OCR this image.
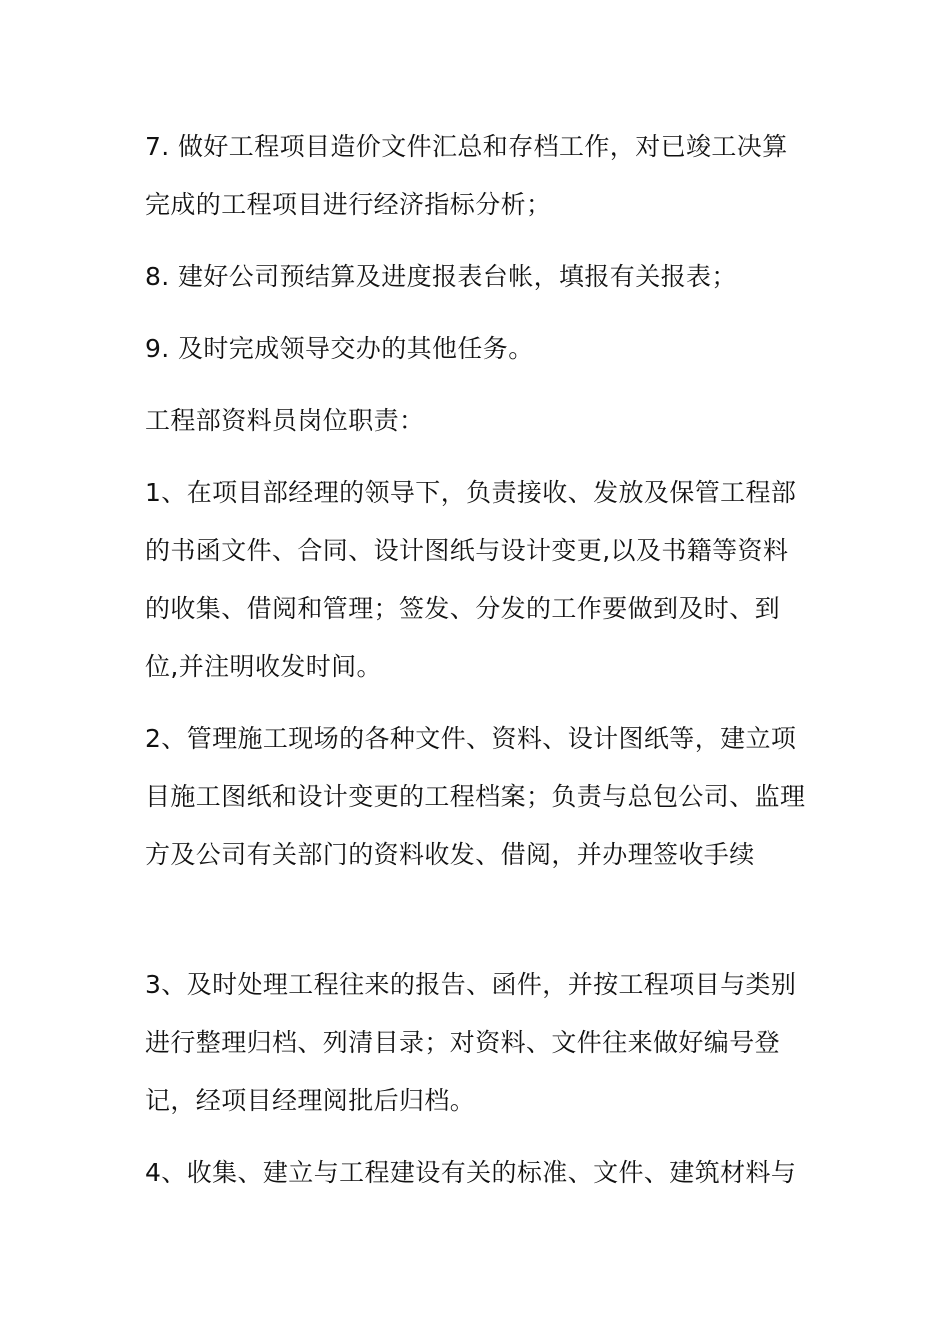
7. 做好工程项目造价文件汇总和存档工作，对已竣工决算完成的工程项目进行经济指标分析；

8. 建好公司预结算及进度报表台帐，填报有关报表；

9. 及时完成领导交办的其他任务。

工程部资料员岗位职责：

1、在项目部经理的领导下，负责接收、发放及保管工程部的书函文件、合同、设计图纸与设计变更,以及书籍等资料的收集、借阅和管理；签发、分发的工作要做到及时、到位,并注明收发时间。

2、管理施工现场的各种文件、资料、设计图纸等，建立项目施工图纸和设计变更的工程档案；负责与总包公司、监理方及公司有关部门的资料收发、借阅，并办理签收手续

3、及时处理工程往来的报告、函件，并按工程项目与类别进行整理归档、列清目录；对资料、文件往来做好编号登记，经项目经理阅批后归档。

4、收集、建立与工程建设有关的标准、文件、建筑材料与
